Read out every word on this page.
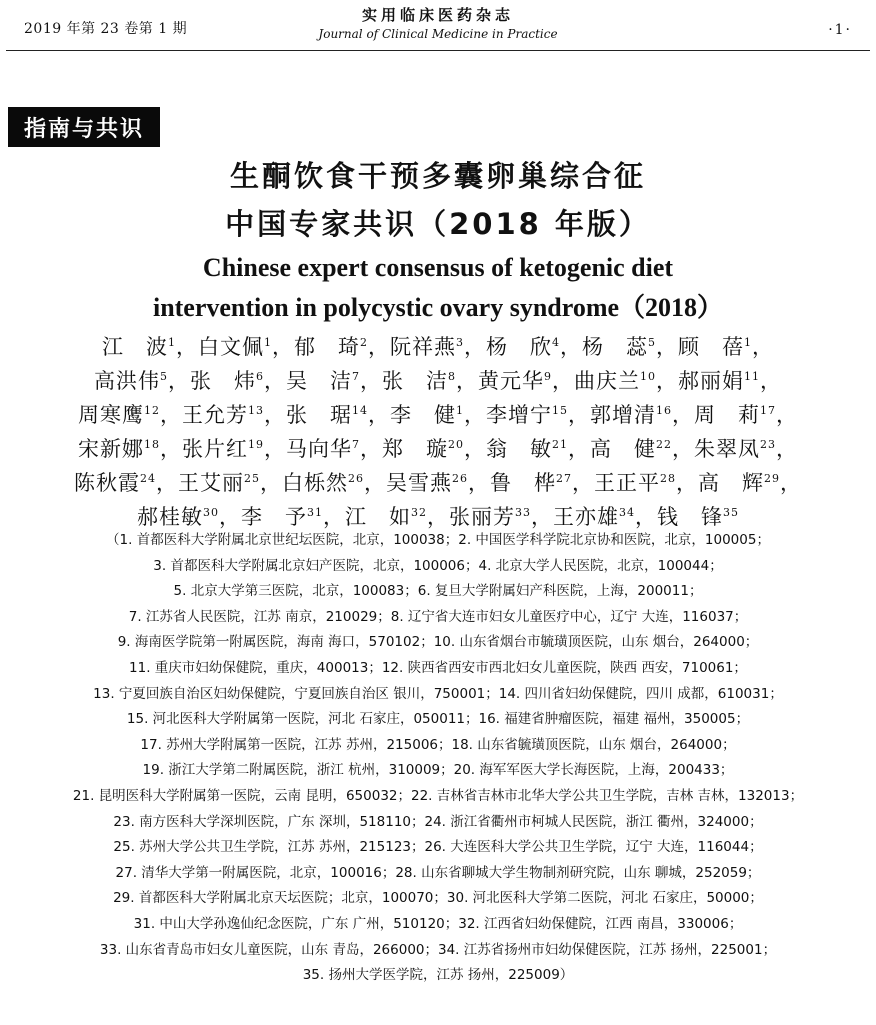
2019 年第 23 卷第 1 期
实用临床医药杂志
Journal of Clinical Medicine in Practice	·1·
指南与共识
生酮饮食干预多囊卵巢综合征
中国专家共识（2018 年版）
Chinese expert consensus of ketogenic diet
intervention in polycystic ovary syndrome（2018）
江　波$^1$，白文佩$^1$，郁　琦$^2$，阮祥燕$^3$，杨　欣$^4$，杨　蕊$^5$，顾　蓓$^1$，
高洪伟$^5$，张　炜$^6$，吴　洁$^7$，张　洁$^8$，黄元华$^9$，曲庆兰$^{10}$，郝丽娟$^{11}$，
周寒鹰$^{12}$，王允芳$^{13}$，张　琚$^{14}$，李　健$^1$，李增宁$^{15}$，郭增清$^{16}$，周　莉$^{17}$，
宋新娜$^{18}$，张片红$^{19}$，马向华$^7$，郑　璇$^{20}$，翁　敏$^{21}$，高　健$^{22}$，朱翠凤$^{23}$，
陈秋霞$^{24}$，王艾丽$^{25}$，白栎然$^{26}$，吴雪燕$^{26}$，鲁　桦$^{27}$，王正平$^{28}$，高　辉$^{29}$，
郝桂敏$^{30}$，李　予$^{31}$，江　如$^{32}$，张丽芳$^{33}$，王亦雄$^{34}$，钱　锋$^{35}$
（1. 首都医科大学附属北京世纪坛医院，北京，100038；2. 中国医学科学院北京协和医院，北京，100005；
3. 首都医科大学附属北京妇产医院，北京，100006；4. 北京大学人民医院，北京，100044；
5. 北京大学第三医院，北京，100083；6. 复旦大学附属妇产科医院，上海，200011；
7. 江苏省人民医院，江苏 南京，210029；8. 辽宁省大连市妇女儿童医疗中心，辽宁 大连，116037；
9. 海南医学院第一附属医院，海南 海口，570102；10. 山东省烟台市毓璜顶医院，山东 烟台，264000；
11. 重庆市妇幼保健院，重庆，400013；12. 陕西省西安市西北妇女儿童医院，陕西 西安，710061；
13. 宁夏回族自治区妇幼保健院，宁夏回族自治区 银川，750001；14. 四川省妇幼保健院，四川 成都，610031；
15. 河北医科大学附属第一医院，河北 石家庄，050011；16. 福建省肿瘤医院，福建 福州，350005；
17. 苏州大学附属第一医院，江苏 苏州，215006；18. 山东省毓璜顶医院，山东 烟台，264000；
19. 浙江大学第二附属医院，浙江 杭州，310009；20. 海军军医大学长海医院，上海，200433；
21. 昆明医科大学附属第一医院，云南 昆明，650032；22. 吉林省吉林市北华大学公共卫生学院，吉林 吉林，132013；
23. 南方医科大学深圳医院，广东 深圳，518110；24. 浙江省衢州市柯城人民医院，浙江 衢州，324000；
25. 苏州大学公共卫生学院，江苏 苏州，215123；26. 大连医科大学公共卫生学院，辽宁 大连，116044；
27. 清华大学第一附属医院，北京，100016；28. 山东省聊城大学生物制剂研究院，山东 聊城，252059；
29. 首都医科大学附属北京天坛医院；北京，100070；30. 河北医科大学第二医院，河北 石家庄，50000；
31. 中山大学孙逸仙纪念医院，广东 广州，510120；32. 江西省妇幼保健院，江西 南昌，330006；
33. 山东省青岛市妇女儿童医院，山东 青岛，266000；34. 江苏省扬州市妇幼保健医院，江苏 扬州，225001；
35. 扬州大学医学院，江苏 扬州，225009）
